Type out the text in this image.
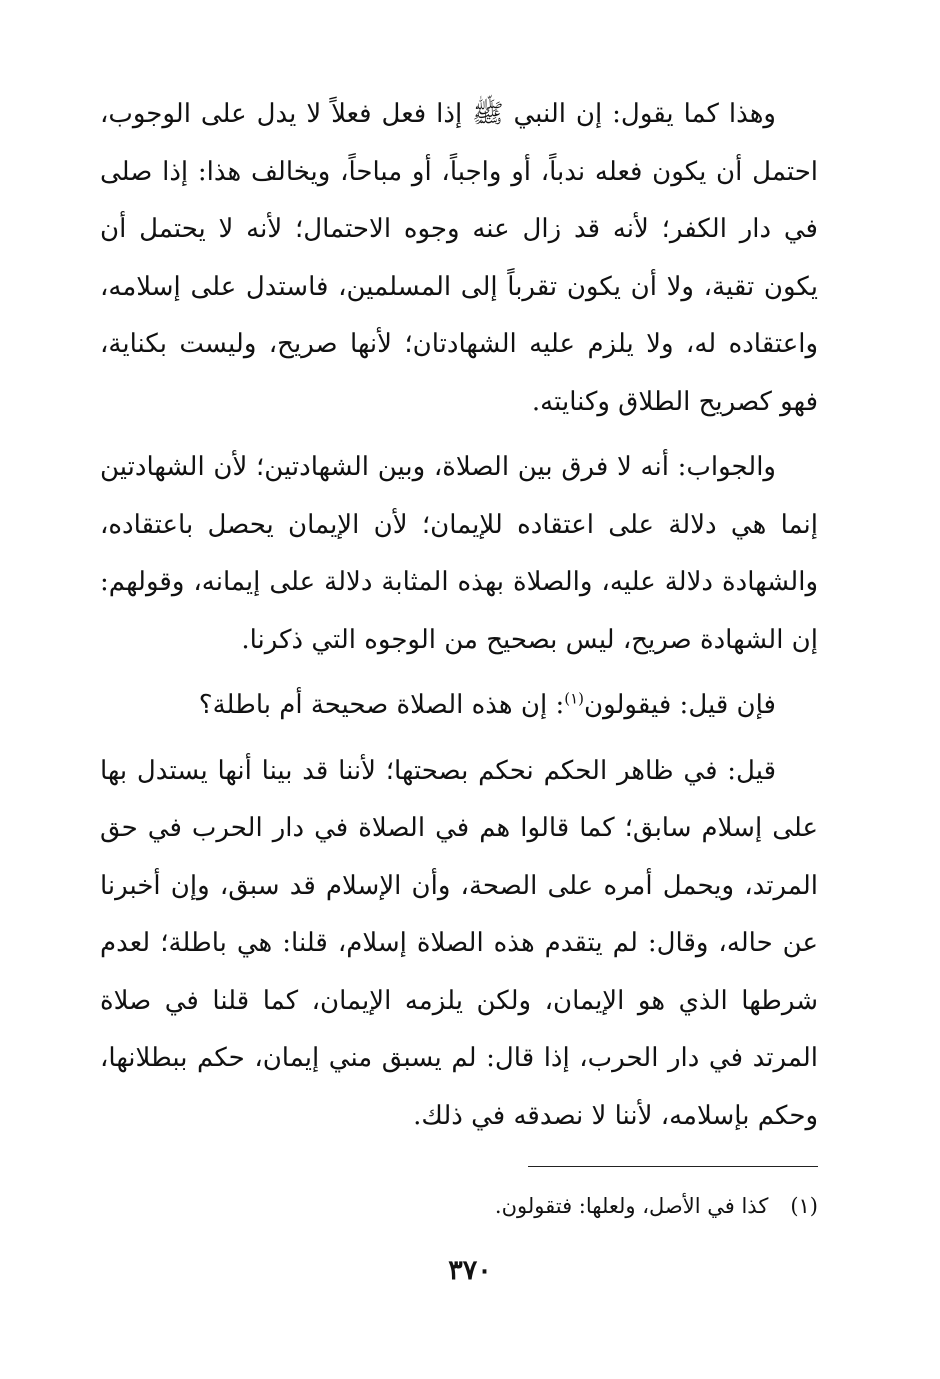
وهذا كما يقول: إن النبي ﷺ إذا فعل فعلاً لا يدل على الوجوب، احتمل أن يكون فعله ندباً، أو واجباً، أو مباحاً، ويخالف هذا: إذا صلى في دار الكفر؛ لأنه قد زال عنه وجوه الاحتمال؛ لأنه لا يحتمل أن يكون تقية، ولا أن يكون تقرباً إلى المسلمين، فاستدل على إسلامه، واعتقاده له، ولا يلزم عليه الشهادتان؛ لأنها صريح، وليست بكناية، فهو كصريح الطلاق وكنايته.

والجواب: أنه لا فرق بين الصلاة، وبين الشهادتين؛ لأن الشهادتين إنما هي دلالة على اعتقاده للإيمان؛ لأن الإيمان يحصل باعتقاده، والشهادة دلالة عليه، والصلاة بهذه المثابة دلالة على إيمانه، وقولهم: إن الشهادة صريح، ليس بصحيح من الوجوه التي ذكرنا.

فإن قيل: فيقولون$^{(١)}$: إن هذه الصلاة صحيحة أم باطلة؟

قيل: في ظاهر الحكم نحكم بصحتها؛ لأننا قد بينا أنها يستدل بها على إسلام سابق؛ كما قالوا هم في الصلاة في دار الحرب في حق المرتد، ويحمل أمره على الصحة، وأن الإسلام قد سبق، وإن أخبرنا عن حاله، وقال: لم يتقدم هذه الصلاة إسلام، قلنا: هي باطلة؛ لعدم شرطها الذي هو الإيمان، ولكن يلزمه الإيمان، كما قلنا في صلاة المرتد في دار الحرب، إذا قال: لم يسبق مني إيمان، حكم ببطلانها، وحكم بإسلامه، لأننا لا نصدقه في ذلك.

(١)كذا في الأصل، ولعلها: فتقولون.

٣٧٠
